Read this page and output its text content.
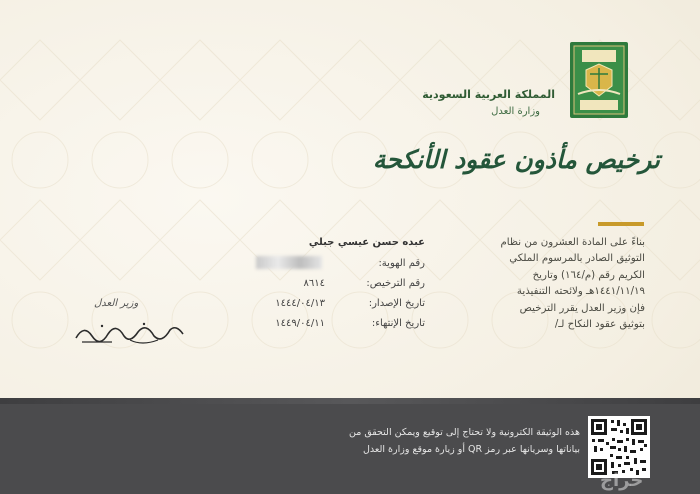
المملكة العربية السعودية
وزارة العدل
ترخيص مأذون عقود الأنكحة
بناءً على المادة العشرون من نظام
التوثيق الصادر بالمرسوم الملكي
الكريم رقم (م/١٦٤) وتاريخ
١٤٤١/١١/١٩هـ ولائحته التنفيذية
فإن وزير العدل يقرر الترخيص
بتوثيق عقود النكاح لـ/
عبده حسن عيسي جبلي
رقم الهوية:
رقم الترخيص:
٨٦١٤
تاريخ الإصدار:
١٤٤٤/٠٤/١٣
تاريخ الإنتهاء:
١٤٤٩/٠٤/١١
وزير العدل
هذه الوثيقة الكترونية ولا تحتاج إلى توقيع ويمكن التحقق من
بياناتها وسريانها عبر رمز QR أو زيارة موقع وزارة العدل
حراج
